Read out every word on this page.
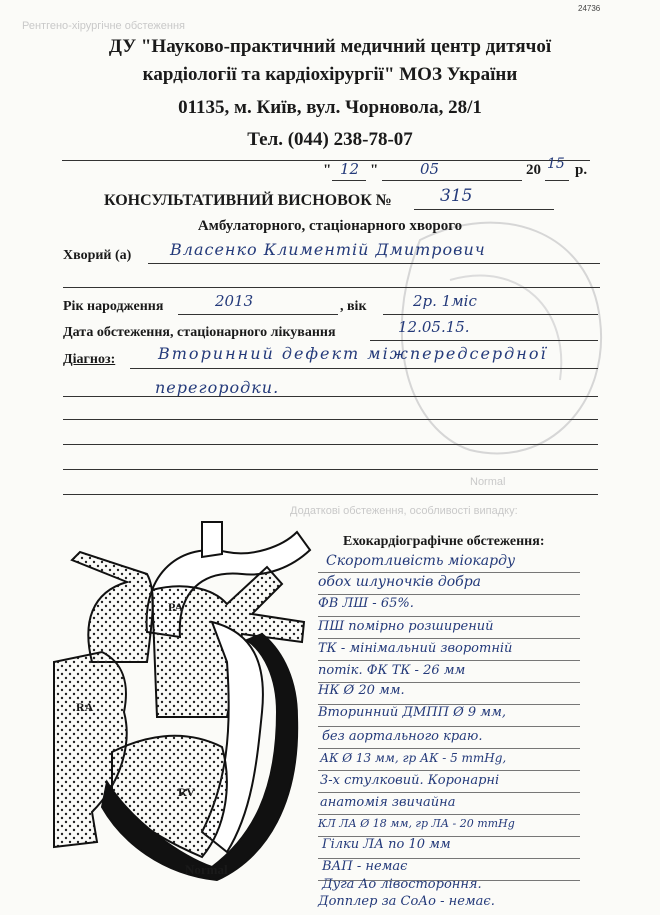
Рентгено-хірургічне обстеження
Додаткові обстеження, особливості випадку:
Normal
24736
ДУ "Науково-практичний медичний центр дитячої
кардіології та кардіохірургії" МОЗ України
01135, м. Київ, вул. Чорновола, 28/1
Тел. (044) 238-78-07
" 12 "	05	20 15 р.
КОНСУЛЬТАТИВНИЙ ВИСНОВОК №	315
Амбулаторного, стаціонарного хворого
Хворий (а) Власенко Климентій Дмитрович
Рік народження	2013	, вік	2р. 1міс
Дата обстеження, стаціонарного лікування	12.05.15.
Діагноз:	Вторинний дефект міжпередсердної
перегородки.
PA
RA
RV
Normal
Ехокардіографічне обстеження:
Скоротливість міокарду
обох шлуночків добра
ФВ ЛШ - 65%.
ПШ помірно розширений
ТК - мінімальний зворотній
потік. ФК ТК - 26 мм
НК Ø 20 мм.
Вторинний ДМПП Ø 9 мм,
без аортального краю.
АК Ø 13 мм, гр АК - 5 mmHg,
3-х стулковий. Коронарні
анатомія звичайна
КЛ ЛА Ø 18 мм, гр ЛА - 20 mmHg
Гілки ЛА по 10 мм
ВАП - немає
Дуга Ао лівостороння.
Допплер за СоАо - немає.
